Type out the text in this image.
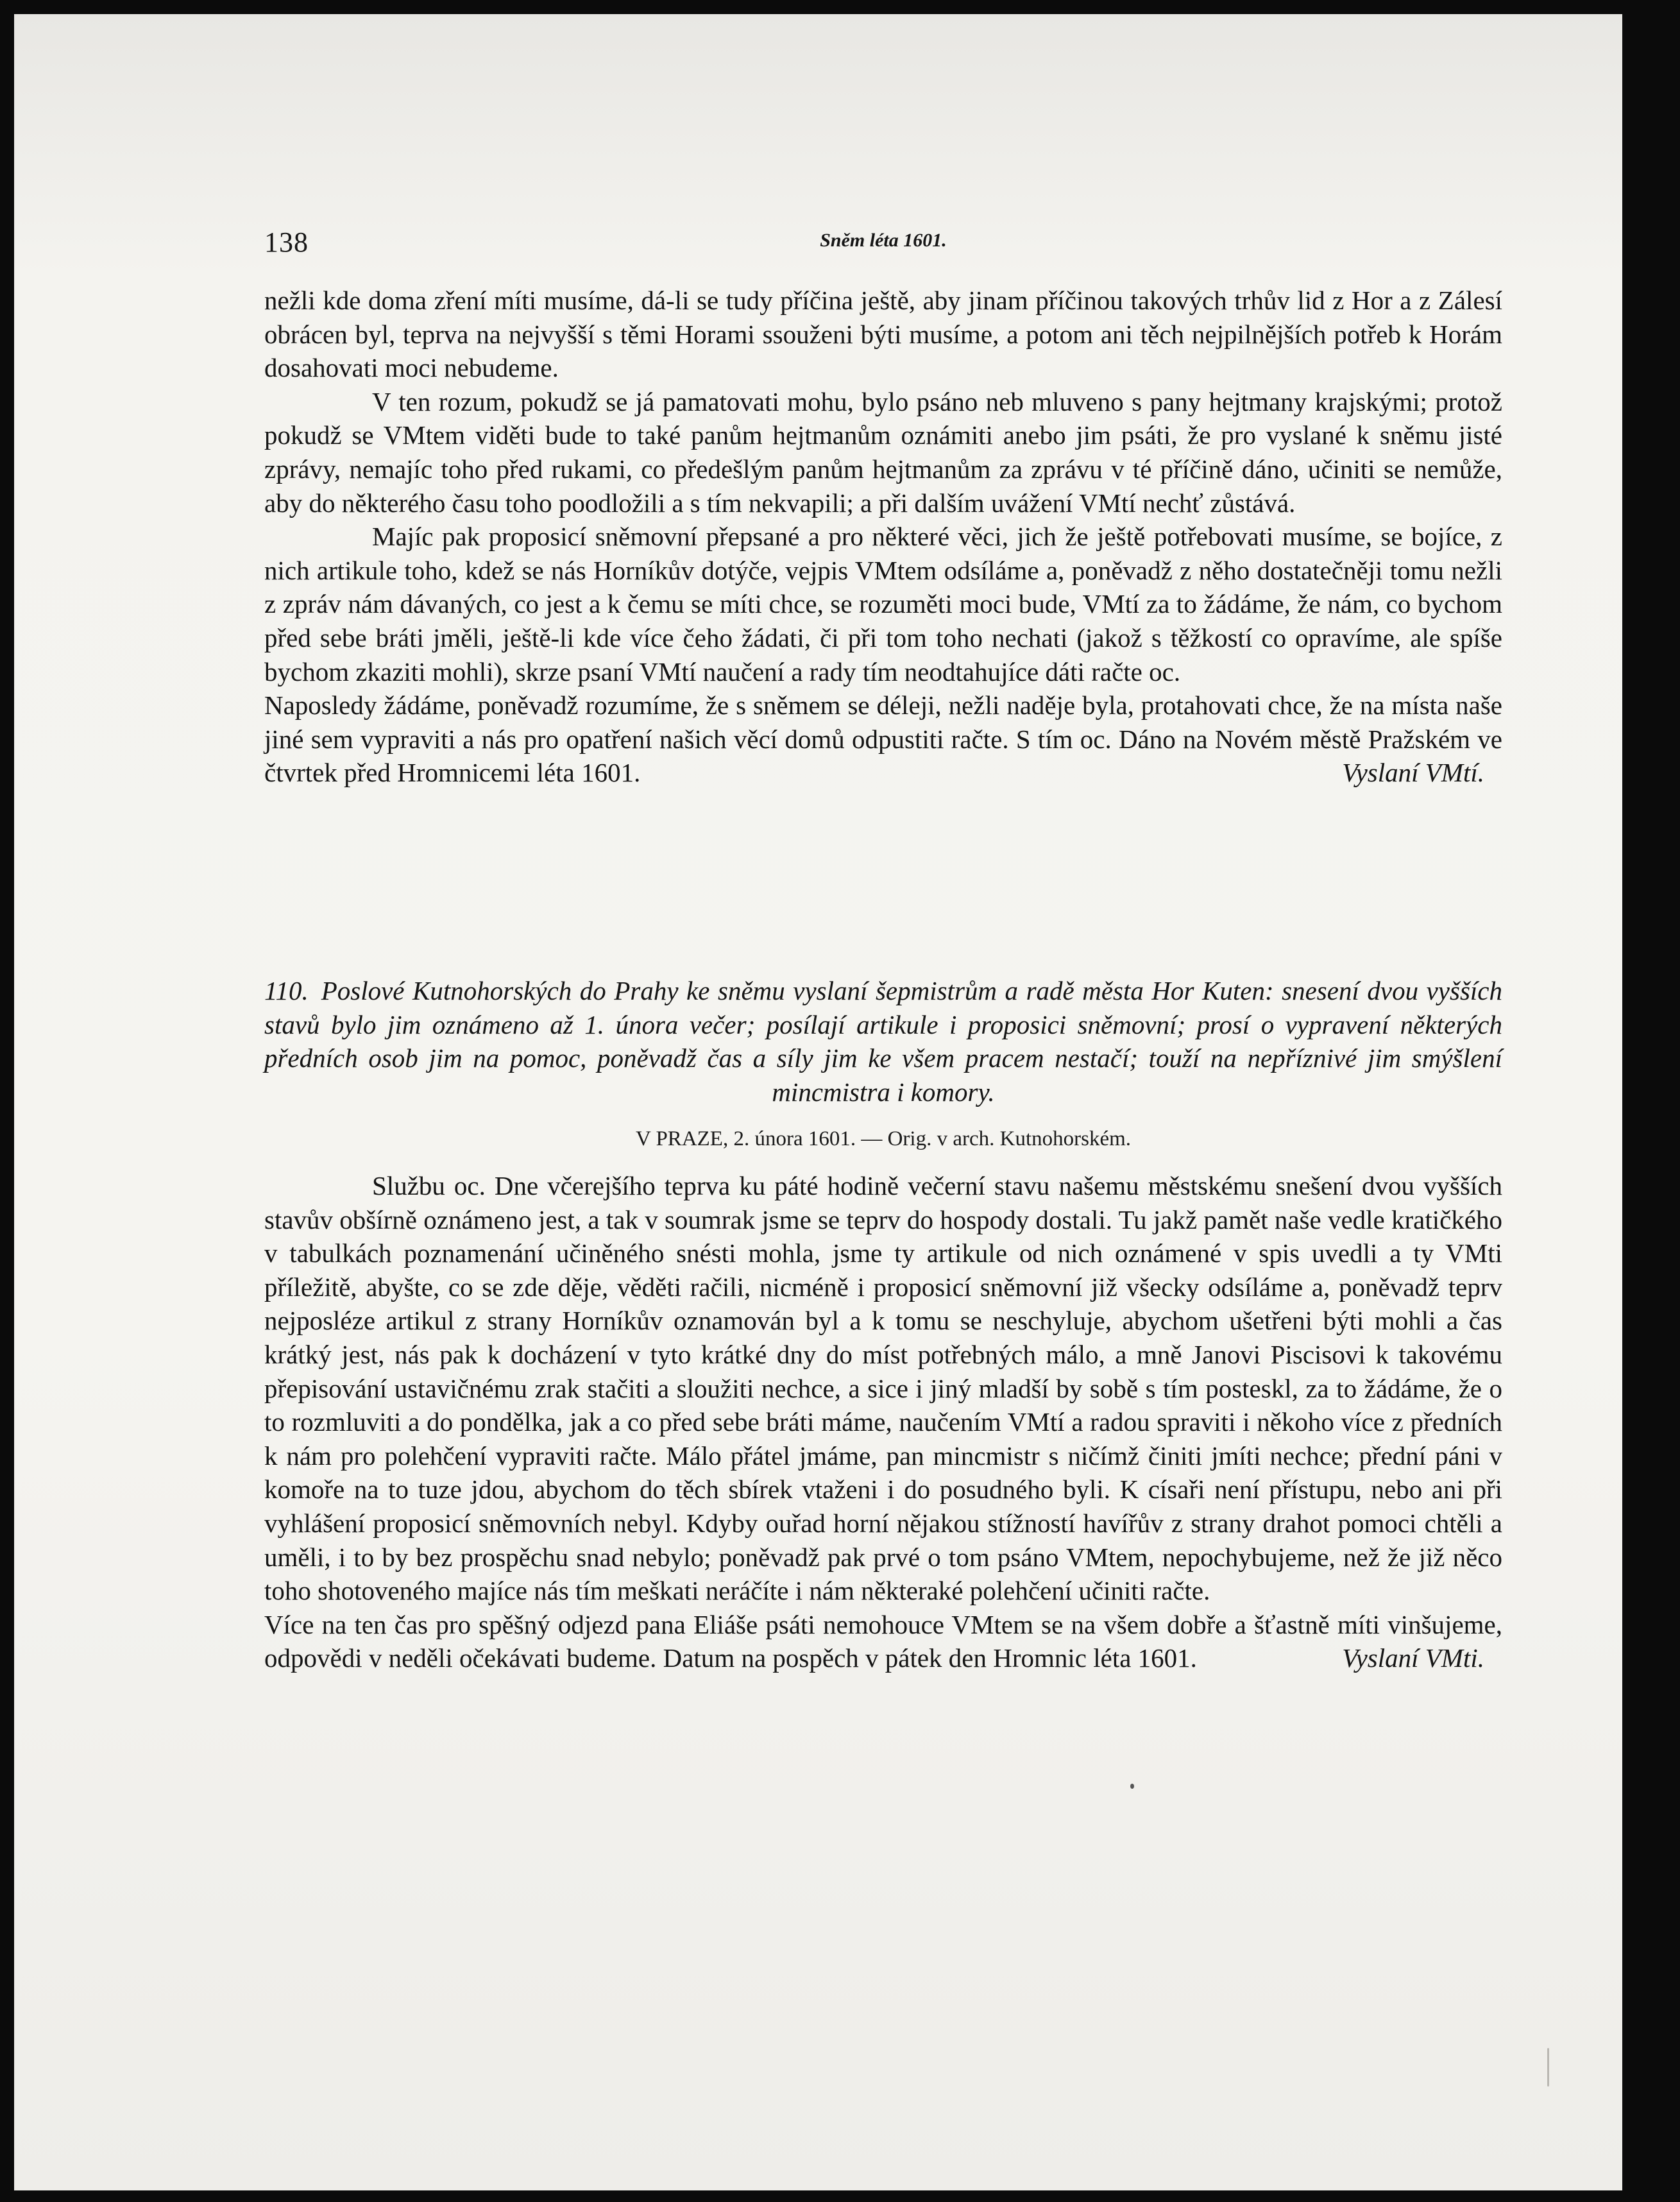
138	Sněm léta 1601.

nežli kde doma zření míti musíme, dá-li se tudy příčina ještě, aby jinam příčinou takových trhův lid z Hor a z Zálesí obrácen byl, teprva na nejvyšší s těmi Horami ssouženi býti musíme, a potom ani těch nejpilnějších potřeb k Horám dosahovati moci nebudeme.

V ten rozum, pokudž se já pamatovati mohu, bylo psáno neb mluveno s pany hejtmany krajskými; protož pokudž se VMtem viděti bude to také panům hejtmanům oznámiti anebo jim psáti, že pro vyslané k sněmu jisté zprávy, nemajíc toho před rukami, co předešlým panům hejtmanům za zprávu v té příčině dáno, učiniti se nemůže, aby do některého času toho poodložili a s tím nekvapili; a při dalším uvážení VMtí nechť zůstává.

Majíc pak proposicí sněmovní přepsané a pro některé věci, jich že ještě potřebovati musíme, se bojíce, z nich artikule toho, kdež se nás Horníkův dotýče, vejpis VMtem odsíláme a, poněvadž z něho dostatečněji tomu nežli z zpráv nám dávaných, co jest a k čemu se míti chce, se rozuměti moci bude, VMtí za to žádáme, že nám, co bychom před sebe bráti jměli, ještě-li kde více čeho žádati, či při tom toho nechati (jakož s těžkostí co opravíme, ale spíše bychom zkaziti mohli), skrze psaní VMtí naučení a rady tím neodtahujíce dáti račte oc.

Naposledy žádáme, poněvadž rozumíme, že s sněmem se déleji, nežli naděje byla, protahovati chce, že na místa naše jiné sem vypraviti a nás pro opatření našich věcí domů odpustiti račte. S tím oc. Dáno na Novém městě Pražském ve čtvrtek před Hromnicemi léta 1601.	Vyslaní VMtí.
110. Poslové Kutnohorských do Prahy ke sněmu vyslaní šepmistrům a radě města Hor Kuten: snesení dvou vyšších stavů bylo jim oznámeno až 1. února večer; posílají artikule i proposici sněmovní; prosí o vypravení některých předních osob jim na pomoc, poněvadž čas a síly jim ke všem pracem nestačí; touží na nepříznivé jim smýšlení mincmistra i komory.
V PRAZE, 2. února 1601. — Orig. v arch. Kutnohorském.

Službu oc. Dne včerejšího teprva ku páté hodině večerní stavu našemu městskému snešení dvou vyšších stavův obšírně oznámeno jest, a tak v soumrak jsme se teprv do hospody dostali. Tu jakž pamět naše vedle kratičkého v tabulkách poznamenání učiněného snésti mohla, jsme ty artikule od nich oznámené v spis uvedli a ty VMti příležitě, abyšte, co se zde děje, věděti račili, nicméně i proposicí sněmovní již všecky odsíláme a, poněvadž teprv nejposléze artikul z strany Horníkův oznamován byl a k tomu se neschyluje, abychom ušetřeni býti mohli a čas krátký jest, nás pak k docházení v tyto krátké dny do míst potřebných málo, a mně Janovi Piscisovi k takovému přepisování ustavičnému zrak stačiti a sloužiti nechce, a sice i jiný mladší by sobě s tím posteskl, za to žádáme, že o to rozmluviti a do pondělka, jak a co před sebe bráti máme, naučením VMtí a radou spraviti i někoho více z předních k nám pro polehčení vypraviti račte. Málo přátel jmáme, pan mincmistr s ničímž činiti jmíti nechce; přední páni v komoře na to tuze jdou, abychom do těch sbírek vtaženi i do posudného byli. K císaři není přístupu, nebo ani při vyhlášení proposicí sněmovních nebyl. Kdyby ouřad horní nějakou stížností havířův z strany drahot pomoci chtěli a uměli, i to by bez prospěchu snad nebylo; poněvadž pak prvé o tom psáno VMtem, nepochybujeme, než že již něco toho shotoveného majíce nás tím meškati neráčíte i nám některaké polehčení učiniti račte.

Více na ten čas pro spěšný odjezd pana Eliáše psáti nemohouce VMtem se na všem dobře a šťastně míti vinšujeme, odpovědi v neděli očekávati budeme. Datum na pospěch v pátek den Hromnic léta 1601.	Vyslaní VMti.
